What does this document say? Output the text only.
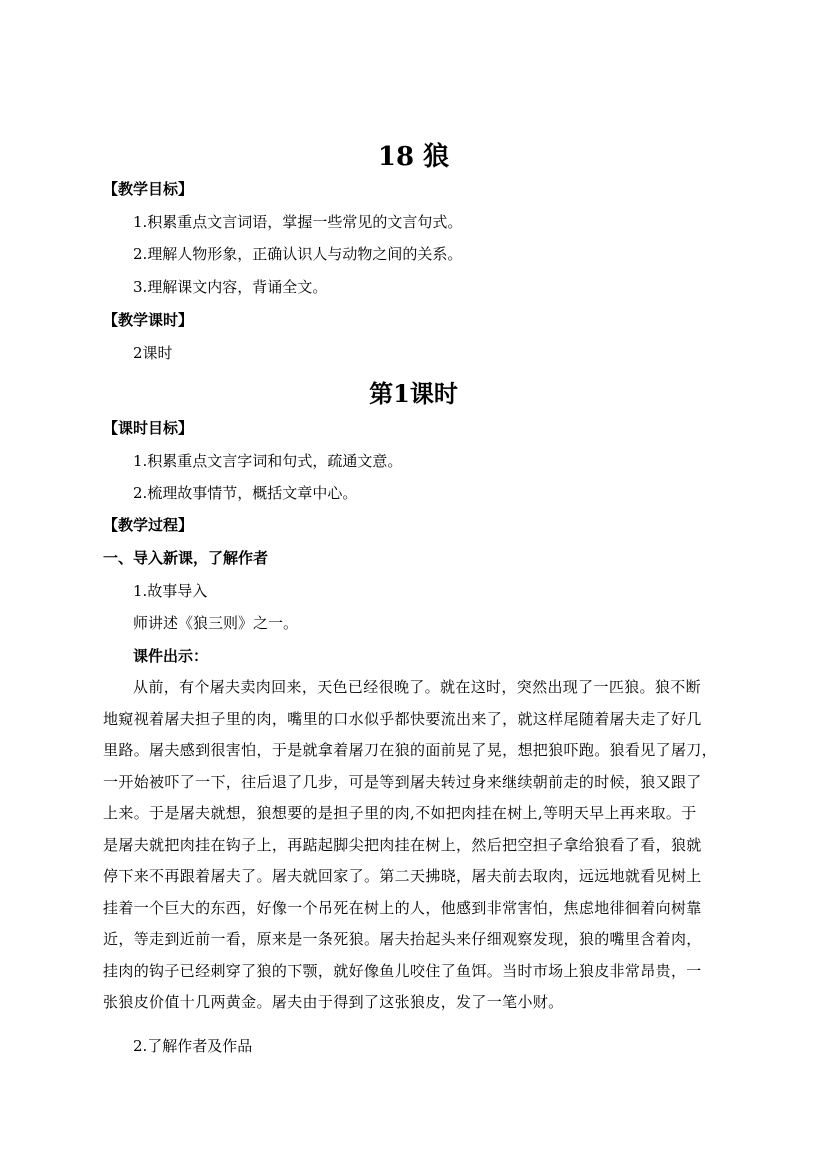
18 狼
【教学目标】
1.积累重点文言词语，掌握一些常见的文言句式。
2.理解人物形象，正确认识人与动物之间的关系。
3.理解课文内容，背诵全文。
【教学课时】
2课时
第1课时
【课时目标】
1.积累重点文言字词和句式，疏通文意。
2.梳理故事情节，概括文章中心。
【教学过程】
一、导入新课，了解作者
1.故事导入
师讲述《狼三则》之一。
课件出示：
从前，有个屠夫卖肉回来，天色已经很晚了。就在这时，突然出现了一匹狼。狼不断
地窥视着屠夫担子里的肉，嘴里的口水似乎都快要流出来了，就这样尾随着屠夫走了好几
里路。屠夫感到很害怕，于是就拿着屠刀在狼的面前晃了晃，想把狼吓跑。狼看见了屠刀，
一开始被吓了一下，往后退了几步，可是等到屠夫转过身来继续朝前走的时候，狼又跟了
上来。于是屠夫就想，狼想要的是担子里的肉,不如把肉挂在树上,等明天早上再来取。于
是屠夫就把肉挂在钩子上，再踮起脚尖把肉挂在树上，然后把空担子拿给狼看了看，狼就
停下来不再跟着屠夫了。屠夫就回家了。第二天拂晓，屠夫前去取肉，远远地就看见树上
挂着一个巨大的东西，好像一个吊死在树上的人，他感到非常害怕，焦虑地徘徊着向树靠
近，等走到近前一看，原来是一条死狼。屠夫抬起头来仔细观察发现，狼的嘴里含着肉，
挂肉的钩子已经刺穿了狼的下颚，就好像鱼儿咬住了鱼饵。当时市场上狼皮非常昂贵，一
张狼皮价值十几两黄金。屠夫由于得到了这张狼皮，发了一笔小财。
2.了解作者及作品
